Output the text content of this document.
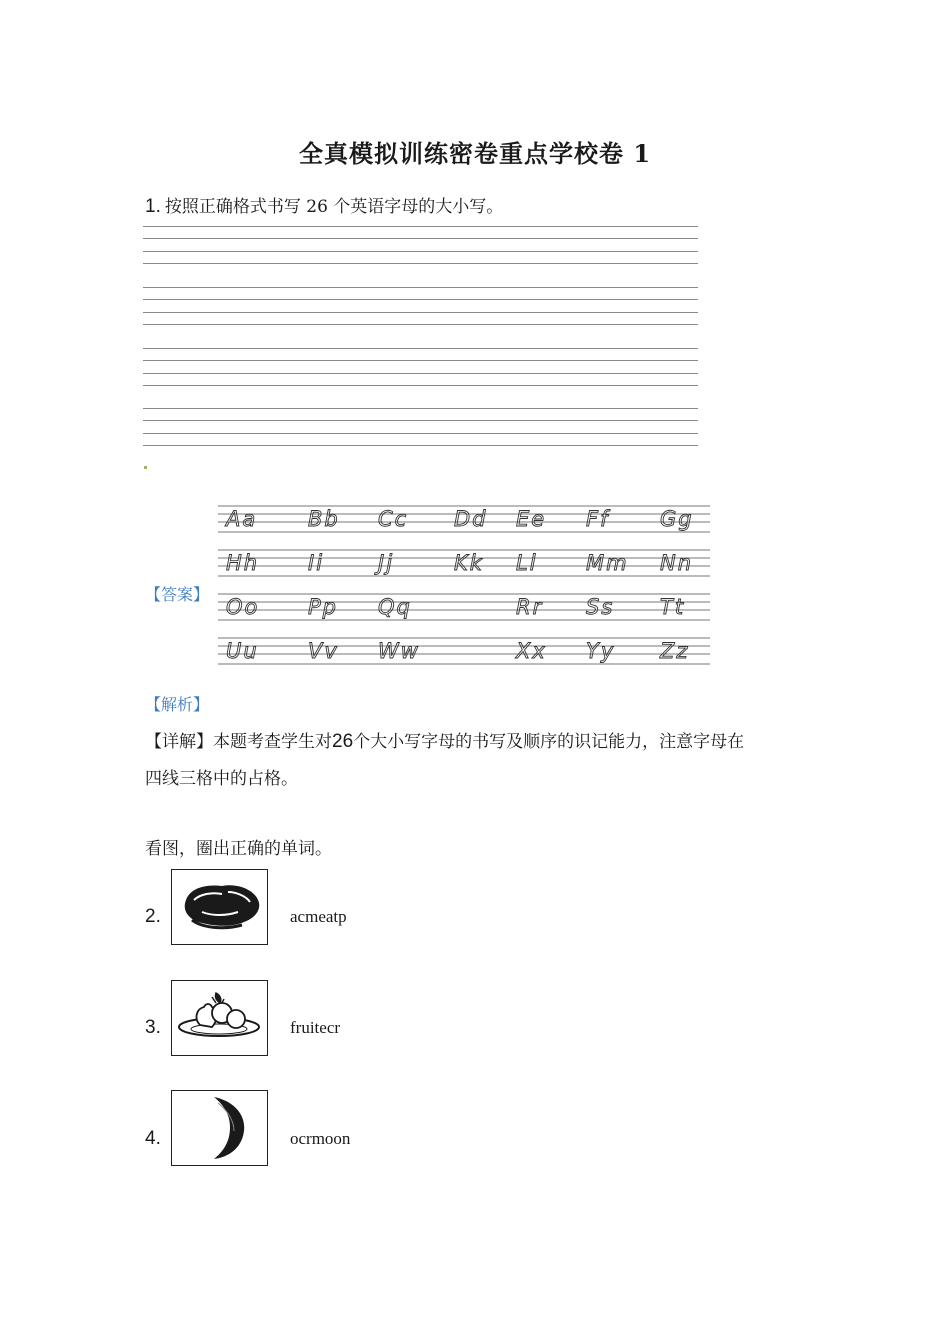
全真模拟训练密卷重点学校卷 1
1. 按照正确格式书写 26 个英语字母的大小写。
【答案】
Aa Bb Cc Dd Ee Ff Gg
Hh Ii	Jj	Kk Ll Mm Nn
Oo Pp Qq	Rr Ss Tt
Uu Vv Ww	Xx Yy Zz
【解析】
【详解】本题考查学生对26个大小写字母的书写及顺序的识记能力，注意字母在
四线三格中的占格。
看图，圈出正确的单词。
2.	acmeatp
3.	fruitecr
4.	ocrmoon
